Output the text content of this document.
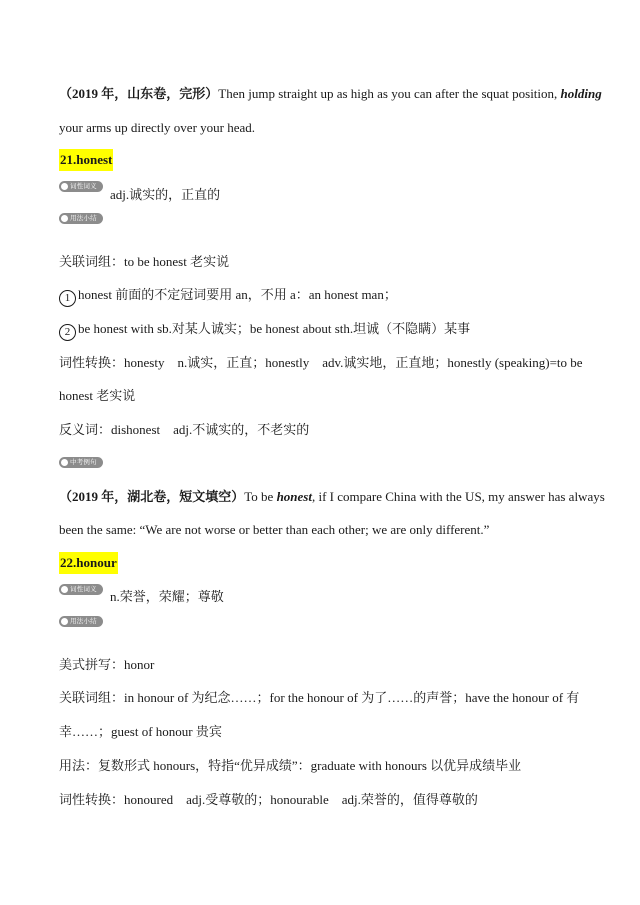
（2019 年，山东卷，完形）Then jump straight up as high as you can after the squat position, holding
your arms up directly over your head.
21.honest
词性词义
adj.诚实的，正直的
用法小结
关联词组：to be honest 老实说
1 honest 前面的不定冠词要用 an，不用 a：an honest man；
2 be honest with sb.对某人诚实；be honest about sth.坦诚（不隐瞒）某事
词性转换：honesty　n.诚实，正直；honestly　adv.诚实地，正直地；honestly (speaking)=to be
honest 老实说
反义词：dishonest　adj.不诚实的，不老实的
中考例句
（2019 年，湖北卷，短文填空）To be honest, if I compare China with the US, my answer has always
been the same: “We are not worse or better than each other; we are only different.”
22.honour
词性词义	n.荣誉，荣耀；尊敬
用法小结
美式拼写：honor
关联词组：in honour of 为纪念……；for the honour of 为了……的声誉；have the honour of 有
幸……；guest of honour 贵宾
用法：复数形式 honours，特指“优异成绩”：graduate with honours 以优异成绩毕业
词性转换：honoured　adj.受尊敬的；honourable　adj.荣誉的，值得尊敬的
